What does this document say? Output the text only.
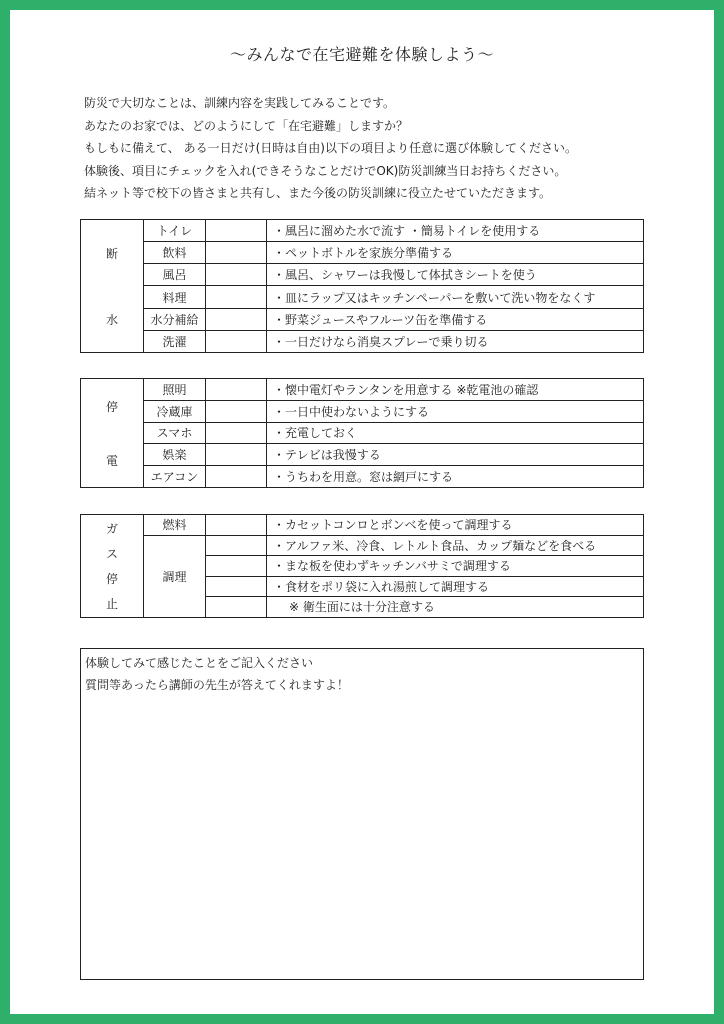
〜みんなで在宅避難を体験しよう〜
防災で大切なことは、訓練内容を実践してみることです。
あなたのお家では、どのようにして「在宅避難」しますか？
もしもに備えて、 ある一日だけ(日時は自由)以下の項目より任意に選び体験してください。
体験後、項目にチェックを入れ(できそうなことだけでOK)防災訓練当日お持ちください。
結ネット等で校下の皆さまと共有し、また今後の防災訓練に役立たせていただきます。
断
水	トイレ		・風呂に溜めた水で流す ・簡易トイレを使用する
	飲料		・ペットボトルを家族分準備する
	風呂		・風呂、シャワーは我慢して体拭きシートを使う
	料理		・皿にラップ又はキッチンペーパーを敷いて洗い物をなくす
	水分補給		・野菜ジュースやフルーツ缶を準備する
	洗濯		・一日だけなら消臭スプレーで乗り切る
停
電	照明		・懐中電灯やランタンを用意する ※乾電池の確認
	冷蔵庫		・一日中使わないようにする
	スマホ		・充電しておく
	娯楽		・テレビは我慢する
	エアコン		・うちわを用意。窓は網戸にする
ガ
ス
停
止	燃料		・カセットコンロとボンベを使って調理する
	調理		・アルファ米、冷食、レトルト食品、カップ麺などを食べる
			・まな板を使わずキッチンバサミで調理する
			・食材をポリ袋に入れ湯煎して調理する
			※ 衛生面には十分注意する
体験してみて感じたことをご記入ください
質問等あったら講師の先生が答えてくれますよ！
